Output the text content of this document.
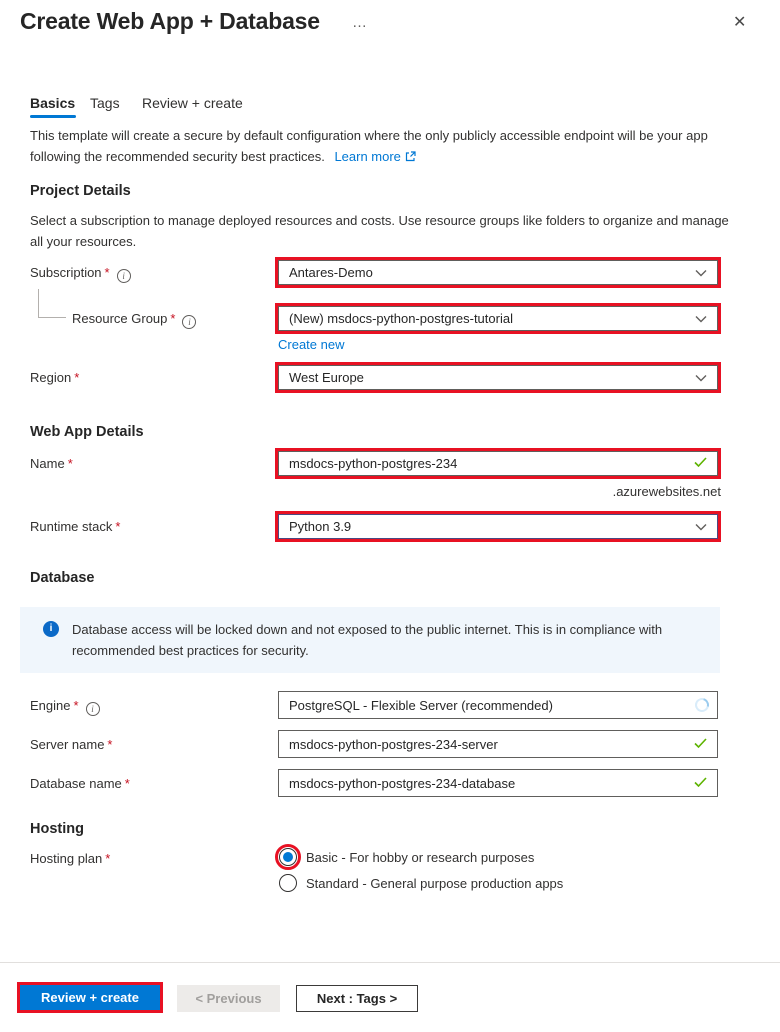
Create Web App + Database …	✕
Basics Tags Review + create
This template will create a secure by default configuration where the only publicly accessible endpoint will be your app following the recommended security best practices. Learn more
Project Details
Select a subscription to manage deployed resources and costs. Use resource groups like folders to organize and manage all your resources.
Subscription * i	Antares-Demo
Resource Group * i	(New) msdocs-python-postgres-tutorial
Create new
Region *	West Europe
Web App Details
Name *	msdocs-python-postgres-234
.azurewebsites.net
Runtime stack *	Python 3.9
Database
i	Database access will be locked down and not exposed to the public internet. This is in compliance with recommended best practices for security.
Engine * i	PostgreSQL - Flexible Server (recommended)
Server name *	msdocs-python-postgres-234-server
Database name *	msdocs-python-postgres-234-database
Hosting
Hosting plan *	Basic - For hobby or research purposes
Standard - General purpose production apps
Review + create	< Previous	Next : Tags >
